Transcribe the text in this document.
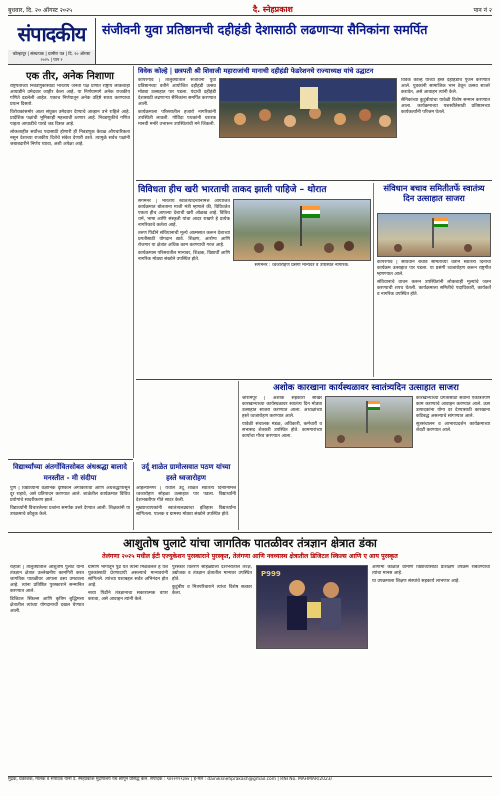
बुधवार, दि. २० ऑगस्ट २०२५	दै. स्नेहप्रकाश	पान नं २
संपादकीय
कोल्हापूर | संस्थापक | ग्रामीण पत्र | दि. २० ऑगस्ट २०२५ | पान २
संजीवनी युवा प्रतिष्ठानची दहीहंडी देशासाठी लढणाऱ्या सैनिकांना समर्पित
एक तीर, अनेक निशाणा

राष्ट्रपतींच्या निवडणुकीसाठी भारतीय जनता पक्ष प्रणीत राष्ट्रीय लोकशाही आघाडीने उमेदवार जाहीर केला आहे. या निर्णयामागे अनेक राजकीय गणिते दडलेली आहेत. एकाच निर्णयातून अनेक उद्दिष्टे साध्य करण्याचा प्रयत्न दिसतो.

विरोधकांसमोर आता संयुक्त उमेदवार देण्याचे आव्हान उभे राहिले आहे. प्रादेशिक पक्षांची भूमिकाही महत्त्वाची ठरणार आहे. निवडणुकीचे गणित पाहता आघाडीचे पारडे जड दिसत आहे.

लोकशाहीत सर्वोच्च पदासाठी होणारी ही निवडणूक केवळ औपचारिकता नसून देशाच्या राजकीय दिशेचे संकेत देणारी ठरते. त्यामुळे सर्वच पक्षांनी जबाबदारीने निर्णय घ्यावा, अशी अपेक्षा आहे.

विवेक कोल्हे | छत्रपती श्री शिवाजी महाराजांची मानाची दहीहंडी फेडरेशनचे राज्याध्यक्ष यांचे उद्धाटन

कोपरगाव | तालुक्यातील संजीवनी युवा प्रतिष्ठानच्या वतीने आयोजित दहीहंडी उत्सव मोठ्या उत्साहात पार पडला. यंदाची दहीहंडी देशासाठी लढणाऱ्या सैनिकांना समर्पित करण्यात आली.

कार्यक्रमाला परिसरातील हजारो नागरिकांनी उपस्थिती लावली. गोविंदा पथकांनी थरारक मानवी मनोरे उभारून उपस्थितांची मने जिंकली.

विवेक कोल्हे यांच्या हस्ते दहीहंडीचे पूजन करण्यात आले. युवकांनी सामाजिक भान ठेवून उत्सव साजरे करावेत, असे आवाहन त्यांनी केले.

सैनिकांच्या कुटुंबीयांचा यावेळी विशेष सन्मान करण्यात आला. कार्यक्रमाच्या यशस्वीतेसाठी प्रतिष्ठानच्या कार्यकर्त्यांनी परिश्रम घेतले.

विविधता हीच खरी भारताची ताकद झाली पाहिजे – थोरात

संगमनेर | भारतीय स्वातंत्र्यदिनानिमित्त आयोजित कार्यक्रमात बोलताना माजी मंत्री म्हणाले की, विविधतेत एकता हीच आपल्या देशाची खरी ओळख आहे. विविध धर्म, भाषा आणि संस्कृती यांचा आदर राखणे हे प्रत्येक नागरिकाचे कर्तव्य आहे.

तरुण पिढीने संविधानाची मूल्ये आत्मसात करून देशाच्या प्रगतीसाठी योगदान द्यावे. शिक्षण, आरोग्य आणि रोजगार या क्षेत्रांत अधिक काम करण्याची गरज आहे.

कार्यक्रमास परिसरातील मान्यवर, शिक्षक, विद्यार्थी आणि नागरिक मोठ्या संख्येने उपस्थित होते.

संगमनेर : ध्वजारोहण प्रसंगी मान्यवर व उपस्थित नागरिक.
संविधान बचाव समितीतर्फे स्वातंत्र्य दिन उत्साहात साजरा

कोपरगाव | संविधान बचाव समितीच्या वतीने स्वातंत्र्य दिनाचा कार्यक्रम उत्साहात पार पडला. या प्रसंगी ध्वजारोहण करून राष्ट्रगीत म्हणण्यात आले.

संविधानाचे वाचन करून उपस्थितांनी लोकशाही मूल्यांचे जतन करण्याची शपथ घेतली. कार्यक्रमाला समितीचे पदाधिकारी, कार्यकर्ते व नागरिक उपस्थित होते.

विद्यार्थ्यांच्या अंतर्गोवितसोबत अंधश्रद्धा बालादे मनस्तीत - मी संदीपा

पुणे | विद्यार्थ्यांनी वैज्ञानिक दृष्टिकोन अंगीकारावा आणि अंधश्रद्धांपासून दूर राहावे, असे प्रतिपादन करण्यात आले. शाळेतील कार्यक्रमात विविध प्रयोगांचे सादरीकरण झाले.

विद्यार्थ्यांनी विचारलेल्या प्रश्नांना समर्पक उत्तरे देण्यात आली. शिक्षकांनी या उपक्रमाचे कौतुक केले.

उर्दू शाळेत ग्रामोत्सवात पठण यांच्या हस्ते ध्वजारोहण

अहिल्यानगर | येथील उर्दू शाळेत स्वातंत्र्य दिनानिमित्त ध्वजारोहण सोहळा उत्साहात पार पडला. विद्यार्थ्यांनी देशभक्तीपर गीते सादर केली.

मुख्याध्यापकांनी स्वातंत्र्यलढ्याचा इतिहास विद्यार्थ्यांना सांगितला. पालक व ग्रामस्थ मोठ्या संख्येने उपस्थित होते.

अशोक कारखाना कार्यस्थळावर स्वातंत्र्यदिन उत्साहात साजरा

श्रीरामपूर | अशोक सहकारी साखर कारखान्याच्या कार्यस्थळावर स्वातंत्र्य दिन मोठ्या उत्साहात साजरा करण्यात आला. अध्यक्षांच्या हस्ते ध्वजारोहण करण्यात आले.

यावेळी संचालक मंडळ, अधिकारी, कर्मचारी व सभासद शेतकरी उपस्थित होते. कामगारांच्या कार्याचा गौरव करण्यात आला.

कारखान्याच्या प्रगतीसाठी सर्वांनी एकत्रितपणे काम करण्याचे आवाहन करण्यात आले. ऊस उत्पादकांना योग्य दर देण्यासाठी कारखाना कटिबद्ध असल्याचे सांगण्यात आले.

सूत्रसंचालन व आभारप्रदर्शन कार्यक्रमाच्या शेवटी करण्यात आले.

आशुतोष पुलाटे यांचा जागतिक पातळीवर तंत्रज्ञान क्षेत्रात डंका
तेलंगणा २०२५ मधील ईटी एज्युकेशन पुरस्काराने पुरस्कृत, तेलंगणा आणि नवव्यास्थ क्षेत्रातील डिजिटल स्किल्स आणि ए आय पुरस्कृत

राहाता | तालुक्यातील आशुतोष पुलाटे यांनी तंत्रज्ञान क्षेत्रात उल्लेखनीय कामगिरी करत जागतिक पातळीवर आपला ठसा उमटवला आहे. त्यांना प्रतिष्ठित पुरस्काराने सन्मानित करण्यात आले.

डिजिटल स्किल्स आणि कृत्रिम बुद्धिमत्ता क्षेत्रातील त्यांच्या योगदानाची दखल घेण्यात आली.

ग्रामीण भागातून पुढे येत त्यांनी मिळवलेले हे यश युवकांसाठी प्रेरणादायी असल्याचे मान्यवरांनी सांगितले. त्यांच्या यशाबद्दल सर्वत्र अभिनंदन होत आहे.

नव्या पिढीने तंत्रज्ञानाचा सकारात्मक वापर करावा, असे आवाहन त्यांनी केले.

पुरस्कार वितरण सोहळ्याला देशभरातील तज्ज्ञ, उद्योजक व तंत्रज्ञान क्षेत्रातील मान्यवर उपस्थित होते.

कुटुंबीय व मित्रपरिवाराने त्यांचा विशेष सत्कार केला.

P999

आगामी काळात ग्रामीण विद्यार्थ्यांसाठी प्रशिक्षण उपक्रम राबवण्याचा त्यांचा मानस आहे.

या उपक्रमाला शिक्षण संस्थांचे सहकार्य लाभणार आहे.

मुद्रक, प्रकाशक, मालक व संपादक यांनी दै. स्नेहप्रकाश मुद्रणालय येथे छापून प्रसिद्ध केले. संपादक : ९४२२१९९३४४ | ई-मेल : dainiksnehprakash@gmail.com | RNI No. MAHMAR/2023/
